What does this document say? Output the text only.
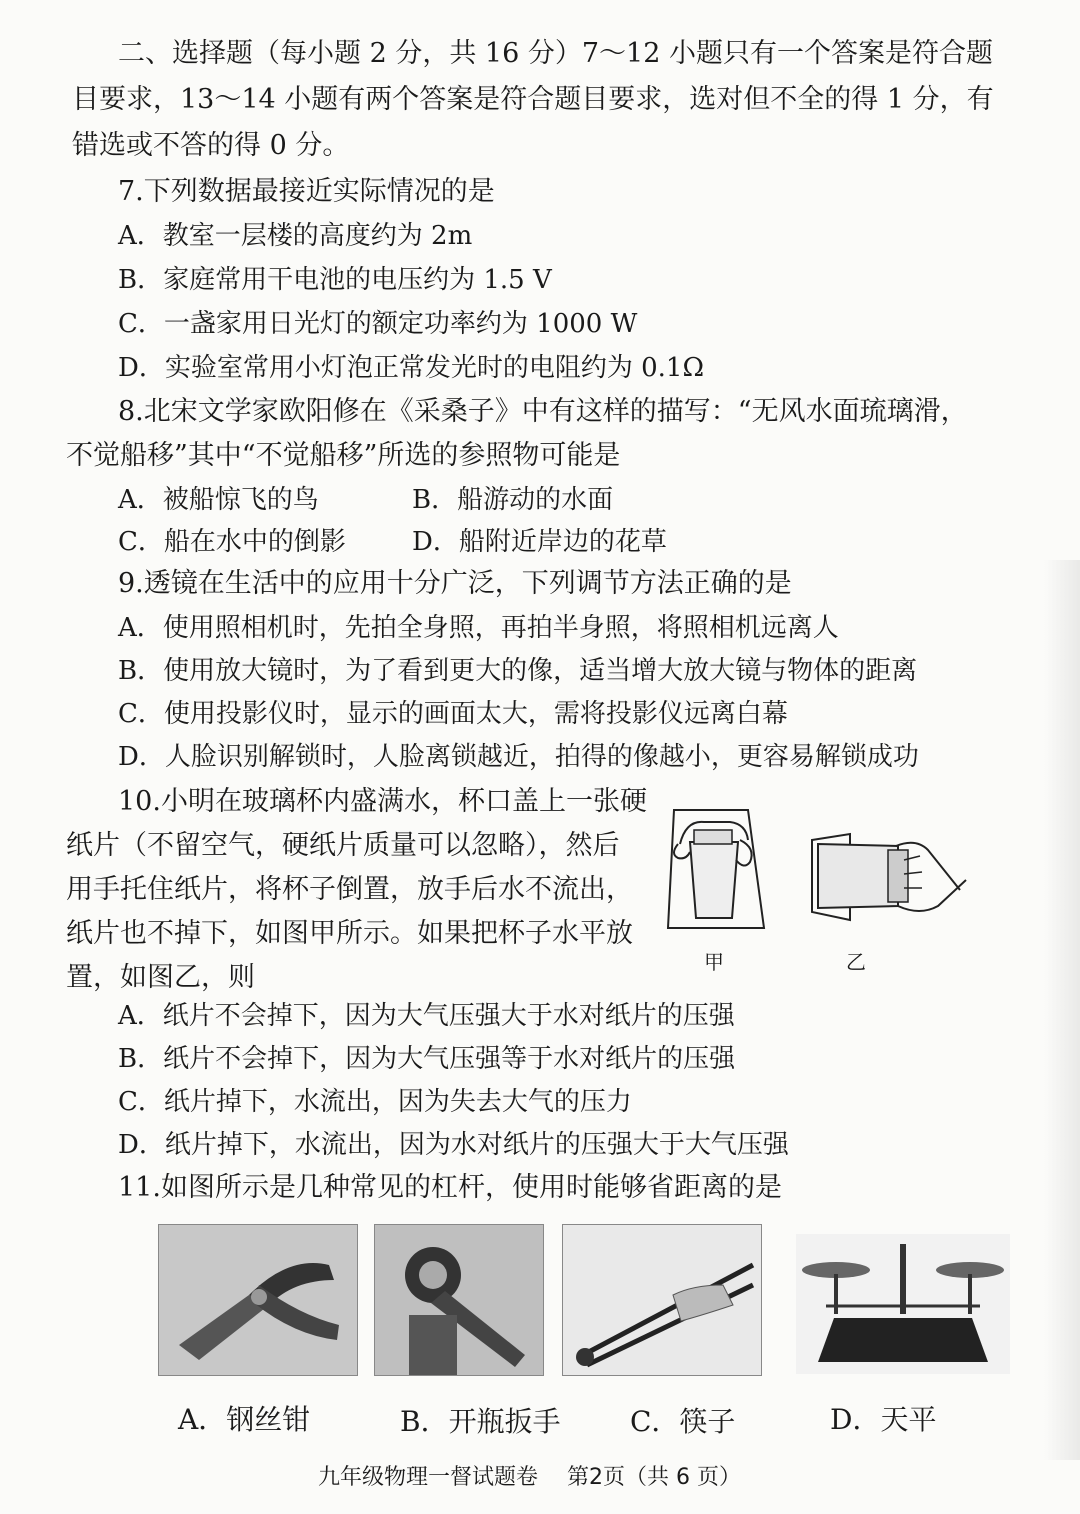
二、选择题（每小题 2 分，共 16 分）7～12 小题只有一个答案是符合题
目要求，13～14 小题有两个答案是符合题目要求，选对但不全的得 1 分，有
错选或不答的得 0 分。
7.下列数据最接近实际情况的是
A．教室一层楼的高度约为 2m
B．家庭常用干电池的电压约为 1.5 V
C．一盏家用日光灯的额定功率约为 1000 W
D．实验室常用小灯泡正常发光时的电阻约为 0.1Ω
8.北宋文学家欧阳修在《采桑子》中有这样的描写：“无风水面琉璃滑，
不觉船移”其中“不觉船移”所选的参照物可能是
A．被船惊飞的鸟	B．船游动的水面
C．船在水中的倒影	D．船附近岸边的花草
9.透镜在生活中的应用十分广泛，下列调节方法正确的是
A．使用照相机时，先拍全身照，再拍半身照，将照相机远离人
B．使用放大镜时，为了看到更大的像，适当增大放大镜与物体的距离
C．使用投影仪时，显示的画面太大，需将投影仪远离白幕
D．人脸识别解锁时，人脸离锁越近，拍得的像越小，更容易解锁成功
10.小明在玻璃杯内盛满水，杯口盖上一张硬
纸片（不留空气，硬纸片质量可以忽略），然后
用手托住纸片，将杯子倒置，放手后水不流出，
纸片也不掉下，如图甲所示。如果把杯子水平放
置，如图乙，则	甲	乙
A．纸片不会掉下，因为大气压强大于水对纸片的压强
B．纸片不会掉下，因为大气压强等于水对纸片的压强
C．纸片掉下，水流出，因为失去大气的压力
D．纸片掉下，水流出，因为水对纸片的压强大于大气压强
11.如图所示是几种常见的杠杆，使用时能够省距离的是
A．钢丝钳	B．开瓶扳手 C．筷子	D．天平
九年级物理一督试题卷　 第2页（共 6 页）
